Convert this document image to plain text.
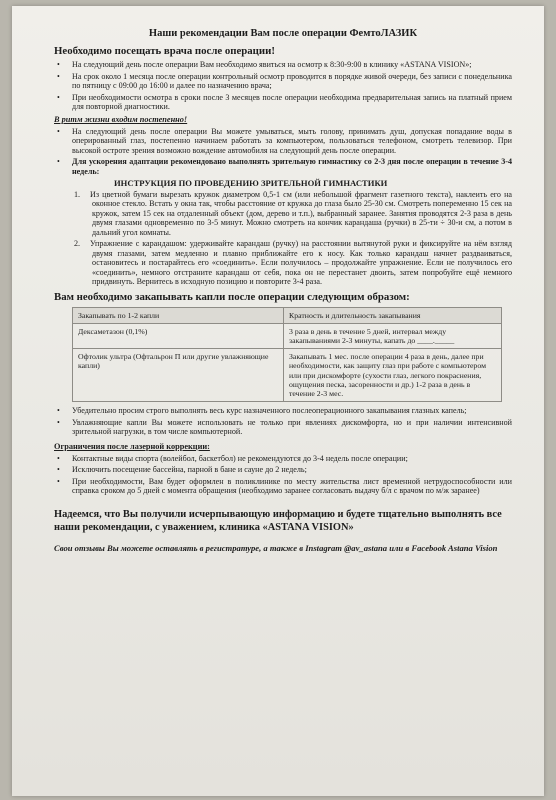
Наши рекомендации Вам после операции ФемтоЛАЗИК
Необходимо посещать врача после операции!
• На следующий день после операции Вам необходимо явиться на осмотр к 8:30-9:00 в клинику «ASTANA VISION»;
• На срок около 1 месяца после операции контрольный осмотр проводится в порядке живой очереди, без записи с понедельника по пятницу с 09:00 до 16:00 и далее по назначению врача;
• При необходимости осмотра в сроки после 3 месяцев после операции необходима предварительная запись на платный прием для повторной диагностики.
В ритм жизни входим постепенно!
• На следующий день после операции Вы можете умываться, мыть голову, принимать душ, допуская попадание воды в оперированный глаз, постепенно начинаем работать за компьютером, пользоваться телефоном, смотреть телевизор. При высокой остроте зрения возможно вождение автомобиля на следующий день после операции.
• Для ускорения адаптации рекомендовано выполнять зрительную гимнастику со 2-3 дня после операции в течение 3-4 недель:
ИНСТРУКЦИЯ ПО ПРОВЕДЕНИЮ ЗРИТЕЛЬНОЙ ГИМНАСТИКИ
1. Из цветной бумаги вырезать кружок диаметром 0,5-1 см (или небольшой фрагмент газетного текста), наклеить его на оконное стекло. Встать у окна так, чтобы расстояние от кружка до глаза было 25-30 см. Смотреть попеременно 15 сек на кружок, затем 15 сек на отдаленный объект (дом, дерево и т.п.), выбранный заранее. Занятия проводятся 2-3 раза в день двумя глазами одновременно по 3-5 минут. Можно смотреть на кончик карандаша (ручки) в 25-ти ÷ 30-и см, а потом в дальний угол комнаты.
2. Упражнение с карандашом: удерживайте карандаш (ручку) на расстоянии вытянутой руки и фиксируйте на нём взгляд двумя глазами, затем медленно и плавно приближайте его к носу. Как только карандаш начнет раздваиваться, остановитесь и постарайтесь его «соединить». Если получилось – продолжайте упражнение. Если не получилось его «соединить», немного отстраните карандаш от себя, пока он не перестанет двоить, затем попробуйте ещё немного придвинуть. Вернитесь в исходную позицию и повторите 3-4 раза.
Вам необходимо закапывать капли после операции следующим образом:
Закапывать по 1-2 капли	Кратность и длительность закапывания
Дексаметазон (0,1%)	3 раза в день в течение 5 дней, интервал между закапываниями 2-3 минуты, капать до ____._____
Офтолик ультра (Офтальрон П или другие увлажняющие капли)	Закапывать 1 мес. после операции 4 раза в день, далее при необходимости, как защиту глаз при работе с компьютером или при дискомфорте (сухости глаз, легкого покраснения, ощущения песка, засоренности и др.) 1-2 раза в день в течение 2-3 мес.
• Убедительно просим строго выполнять весь курс назначенного послеоперационного закапывания глазных капель;
• Увлажняющие капли Вы можете использовать не только при явлениях дискомфорта, но и при наличии интенсивной зрительной нагрузки, в том числе компьютерной.
Ограничения после лазерной коррекции:
• Контактные виды спорта (волейбол, баскетбол) не рекомендуются до 3-4 недель после операции;
• Исключить посещение бассейна, парной в бане и сауне до 2 недель;
• При необходимости, Вам будет оформлен в поликлинике по месту жительства лист временной нетрудоспособности или справка сроком до 5 дней с момента обращения (необходимо заранее согласовать выдачу б/л с врачом по м/ж заранее)
Надеемся, что Вы получили исчерпывающую информацию и будете тщательно выполнять все наши рекомендации, с уважением, клиника «ASTANA VISION»
Свои отзывы Вы можете оставлять в регистратуре, а также в Instagram @av_astana или в Facebook Astana Vision
